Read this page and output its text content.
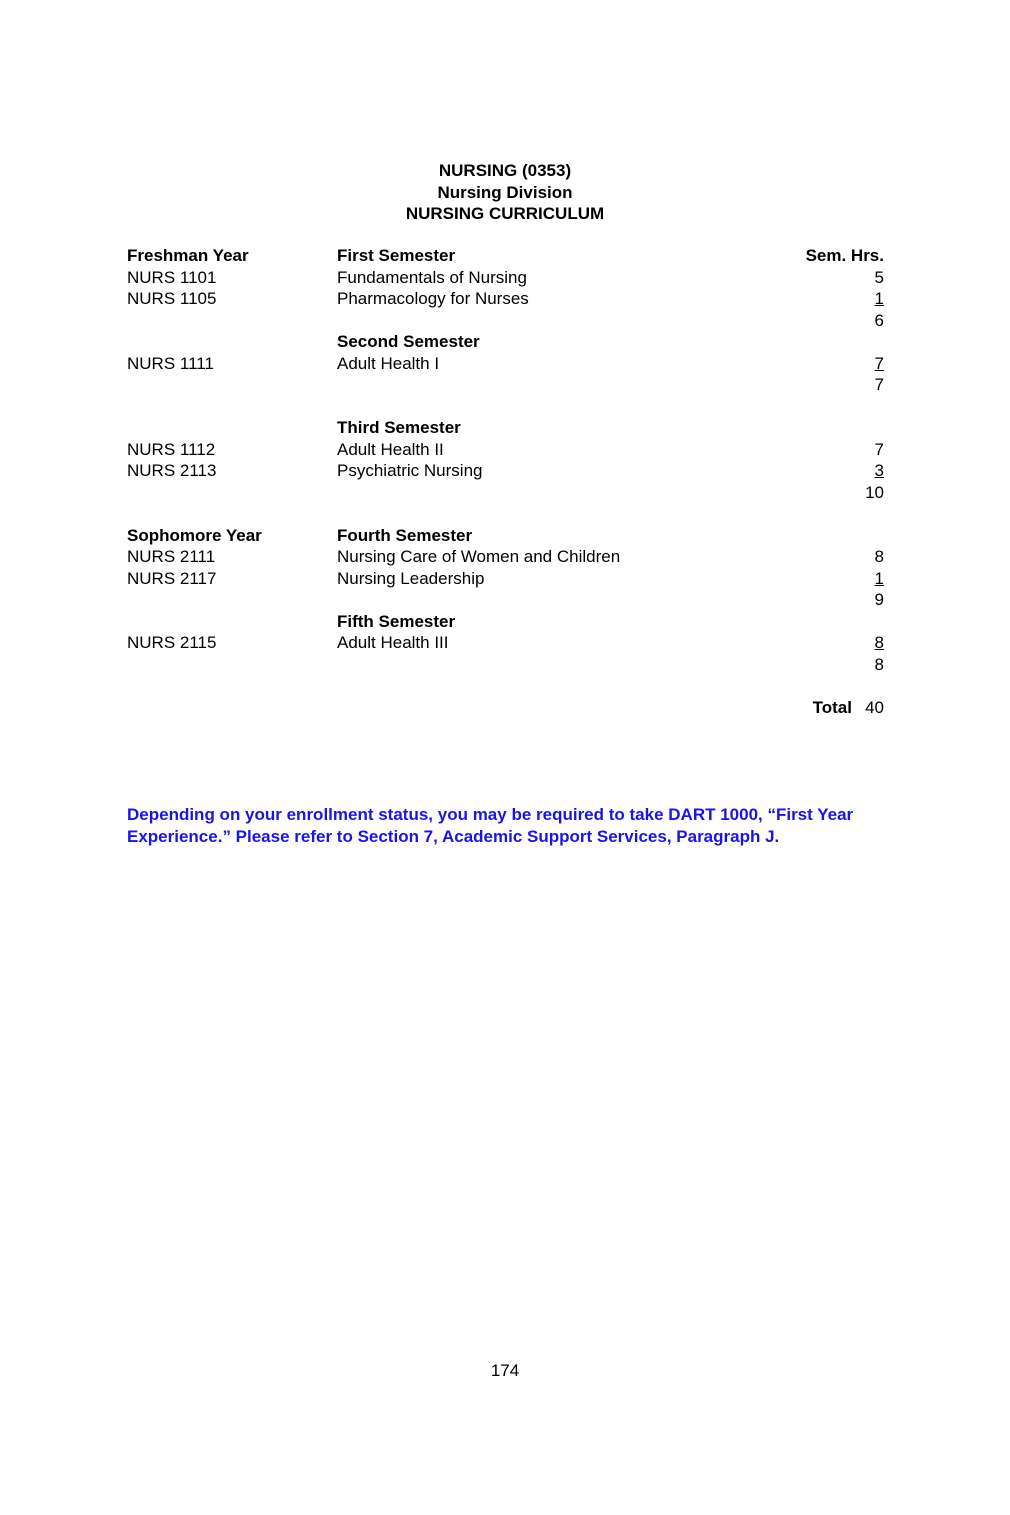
NURSING (0353)
Nursing Division
NURSING CURRICULUM
Freshman Year	First Semester	Sem. Hrs.
NURS 1101	Fundamentals of Nursing	5
NURS 1105	Pharmacology for Nurses	1
6
Second Semester
NURS 1111	Adult Health I	7
7
Third Semester
NURS 1112	Adult Health II	7
NURS 2113	Psychiatric Nursing	3
10
Sophomore Year	Fourth Semester
NURS 2111	Nursing Care of Women and Children	8
NURS 2117	Nursing Leadership	1
9
Fifth Semester
NURS 2115	Adult Health III	8
8
Total 40
Depending on your enrollment status, you may be required to take DART 1000, “First Year Experience.” Please refer to Section 7, Academic Support Services, Paragraph J.
174
